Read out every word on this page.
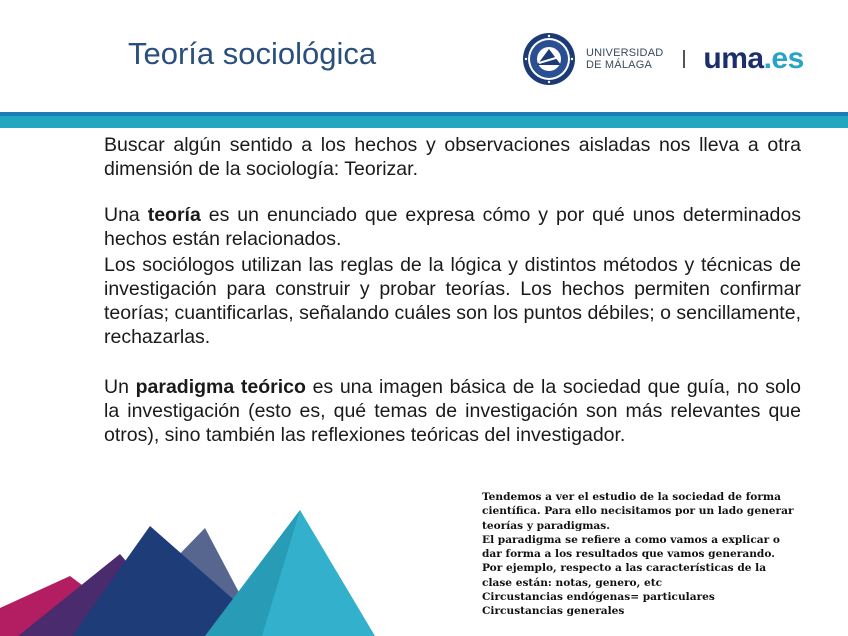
Teoría sociológica	UNIVERSIDAD
DE MÁLAGA	uma . es

Buscar algún sentido a los hechos y observaciones aisladas nos lleva a otra dimensión de la sociología: Teorizar.

Una teoría es un enunciado que expresa cómo y por qué unos determinados hechos están relacionados.

Los sociólogos utilizan las reglas de la lógica y distintos métodos y técnicas de investigación para construir y probar teorías. Los hechos permiten confirmar teorías; cuantificarlas, señalando cuáles son los puntos débiles; o sencillamente, rechazarlas.

Un paradigma teórico es una imagen básica de la sociedad que guía, no solo la investigación (esto es, qué temas de investigación son más relevantes que otros), sino también las reflexiones teóricas del investigador.

Tendemos a ver el estudio de la sociedad de forma
científica. Para ello necisitamos por un lado generar
teorías y paradigmas.
El paradigma se refiere a como vamos a explicar o
dar forma a los resultados que vamos generando.
Por ejemplo, respecto a las características de la
clase están: notas, genero, etc
Circustancias endógenas= particulares
Circustancias generales
